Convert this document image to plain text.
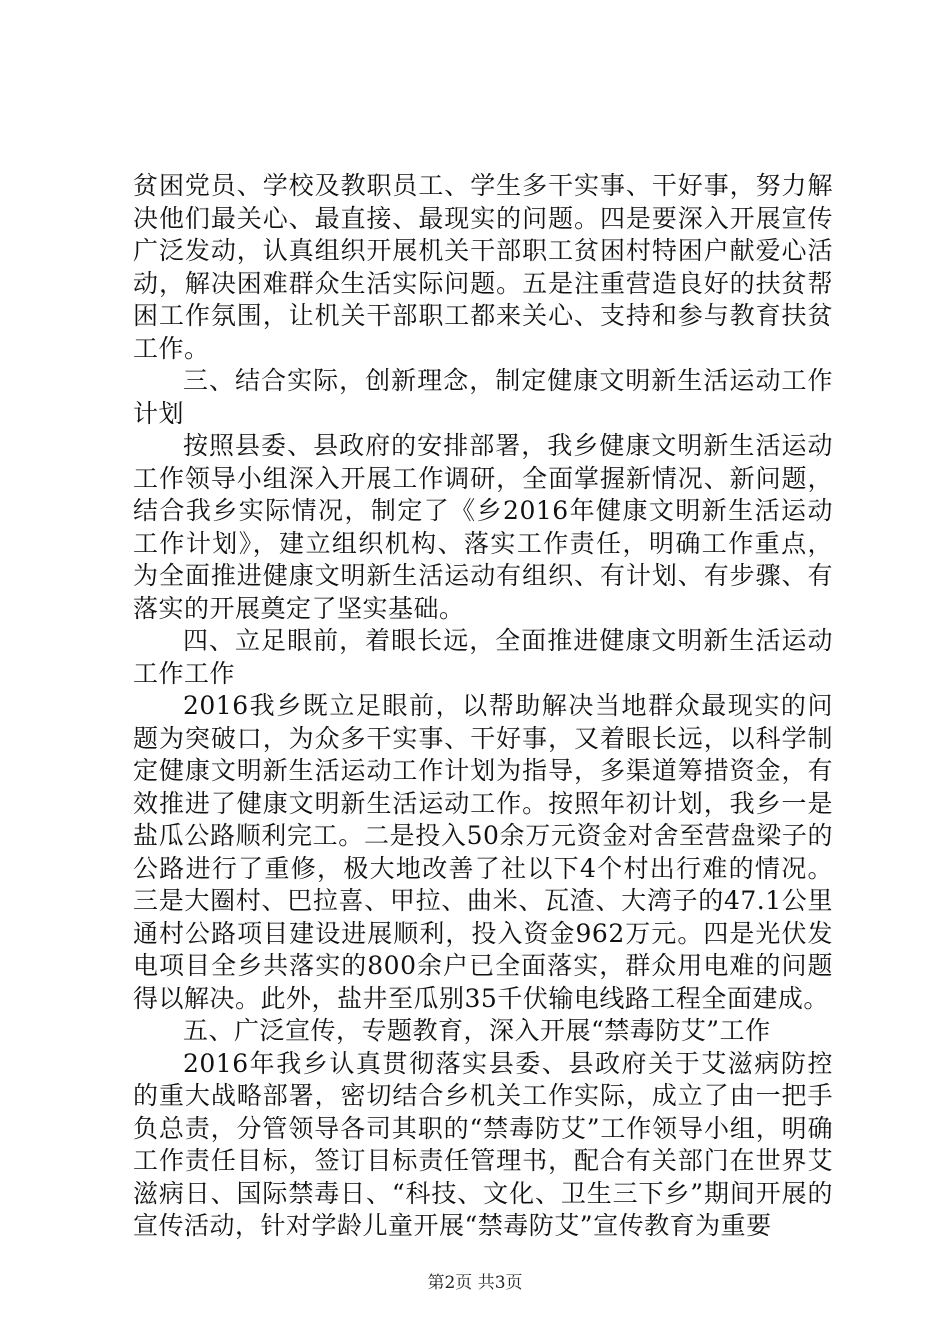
贫困党员、学校及教职员工、学生多干实事、干好事，努力解决他们最关心、最直接、最现实的问题。四是要深入开展宣传广泛发动，认真组织开展机关干部职工贫困村特困户献爱心活动，解决困难群众生活实际问题。五是注重营造良好的扶贫帮困工作氛围，让机关干部职工都来关心、支持和参与教育扶贫工作。

三、结合实际，创新理念，制定健康文明新生活运动工作计划

按照县委、县政府的安排部署，我乡健康文明新生活运动工作领导小组深入开展工作调研，全面掌握新情况、新问题，结合我乡实际情况，制定了《乡2016年健康文明新生活运动工作计划》，建立组织机构、落实工作责任，明确工作重点，为全面推进健康文明新生活运动有组织、有计划、有步骤、有落实的开展奠定了坚实基础。

四、立足眼前，着眼长远，全面推进健康文明新生活运动工作工作

2016我乡既立足眼前，以帮助解决当地群众最现实的问题为突破口，为众多干实事、干好事，又着眼长远，以科学制定健康文明新生活运动工作计划为指导，多渠道筹措资金，有效推进了健康文明新生活运动工作。按照年初计划，我乡一是盐瓜公路顺利完工。二是投入50余万元资金对舍至营盘梁子的公路进行了重修，极大地改善了社以下4个村出行难的情况。三是大圈村、巴拉喜、甲拉、曲米、瓦渣、大湾子的47.1公里通村公路项目建设进展顺利，投入资金962万元。四是光伏发电项目全乡共落实的800余户已全面落实，群众用电难的问题得以解决。此外，盐井至瓜别35千伏输电线路工程全面建成。

五、广泛宣传，专题教育，深入开展“禁毒防艾”工作

2016年我乡认真贯彻落实县委、县政府关于艾滋病防控的重大战略部署，密切结合乡机关工作实际，成立了由一把手负总责，分管领导各司其职的“禁毒防艾”工作领导小组，明确工作责任目标，签订目标责任管理书，配合有关部门在世界艾滋病日、国际禁毒日、“科技、文化、卫生三下乡”期间开展的宣传活动，针对学龄儿童开展“禁毒防艾”宣传教育为重要

第2页 共3页
